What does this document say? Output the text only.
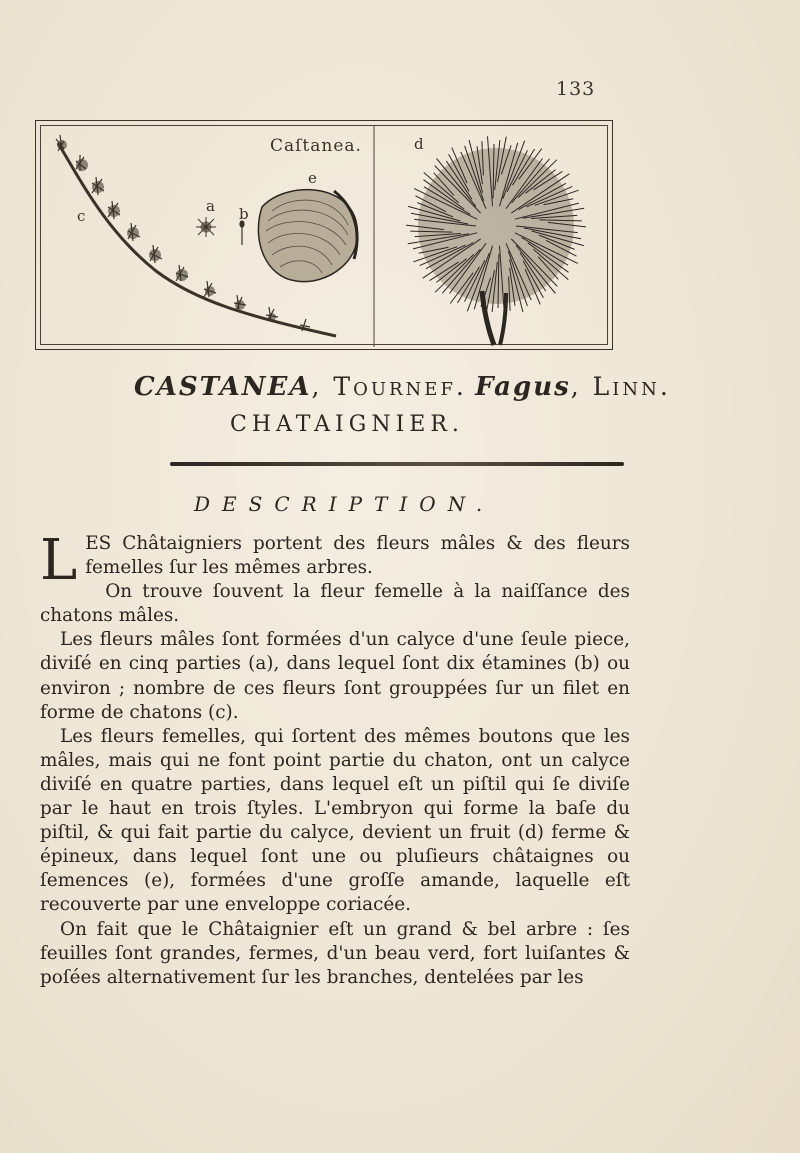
133
a b
c
d
e
Caſtanea.
CASTANEA, Tournef. Fagus, Linn.
CHATAIGNIER.
DESCRIPTION.

LES Châtaigniers portent des fleurs mâles & des fleurs femelles ſur les mêmes arbres.

On trouve ſouvent la fleur femelle à la naiſſance des chatons mâles.

Les fleurs mâles ſont formées d'un calyce d'une ſeule piece, diviſé en cinq parties (a), dans lequel ſont dix étamines (b) ou environ ; nombre de ces fleurs ſont grouppées ſur un filet en forme de chatons (c).

Les fleurs femelles, qui ſortent des mêmes boutons que les mâles, mais qui ne font point partie du chaton, ont un calyce diviſé en quatre parties, dans lequel eſt un piſtil qui ſe diviſe par le haut en trois ſtyles. L'embryon qui forme la baſe du piſtil, & qui fait partie du calyce, devient un fruit (d) ferme & épineux, dans lequel ſont une ou pluſieurs châtaignes ou ſemences (e), formées d'une groſſe amande, laquelle eſt recouverte par une enveloppe coriacée.

On fait que le Châtaignier eſt un grand & bel arbre : ſes feuilles ſont grandes, fermes, d'un beau verd, fort luiſantes & poſées alternativement ſur les branches, dentelées par les
